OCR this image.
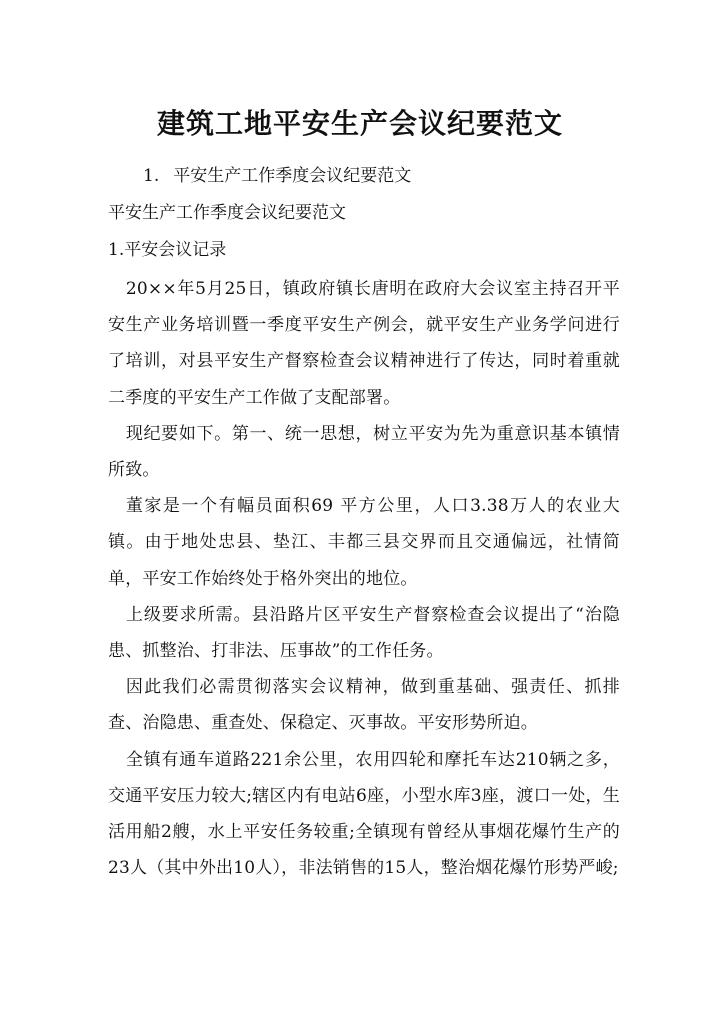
建筑工地平安生产会议纪要范文
1. 平安生产工作季度会议纪要范文
平安生产工作季度会议纪要范文
1.平安会议记录

20××年5月25日，镇政府镇长唐明在政府大会议室主持召开平安生产业务培训暨一季度平安生产例会，就平安生产业务学问进行了培训，对县平安生产督察检查会议精神进行了传达，同时着重就二季度的平安生产工作做了支配部署。

现纪要如下。第一、统一思想，树立平安为先为重意识基本镇情所致。

董家是一个有幅员面积69 平方公里，人口3.38万人的农业大镇。由于地处忠县、垫江、丰都三县交界而且交通偏远，社情简单，平安工作始终处于格外突出的地位。

上级要求所需。县沿路片区平安生产督察检查会议提出了“治隐患、抓整治、打非法、压事故”的工作任务。

因此我们必需贯彻落实会议精神，做到重基础、强责任、抓排查、治隐患、重查处、保稳定、灭事故。平安形势所迫。

全镇有通车道路221余公里，农用四轮和摩托车达210辆之多，交通平安压力较大;辖区内有电站6座，小型水库3座，渡口一处，生活用船2艘，水上平安任务较重;全镇现有曾经从事烟花爆竹生产的23人（其中外出10人），非法销售的15人，整治烟花爆竹形势严峻;
